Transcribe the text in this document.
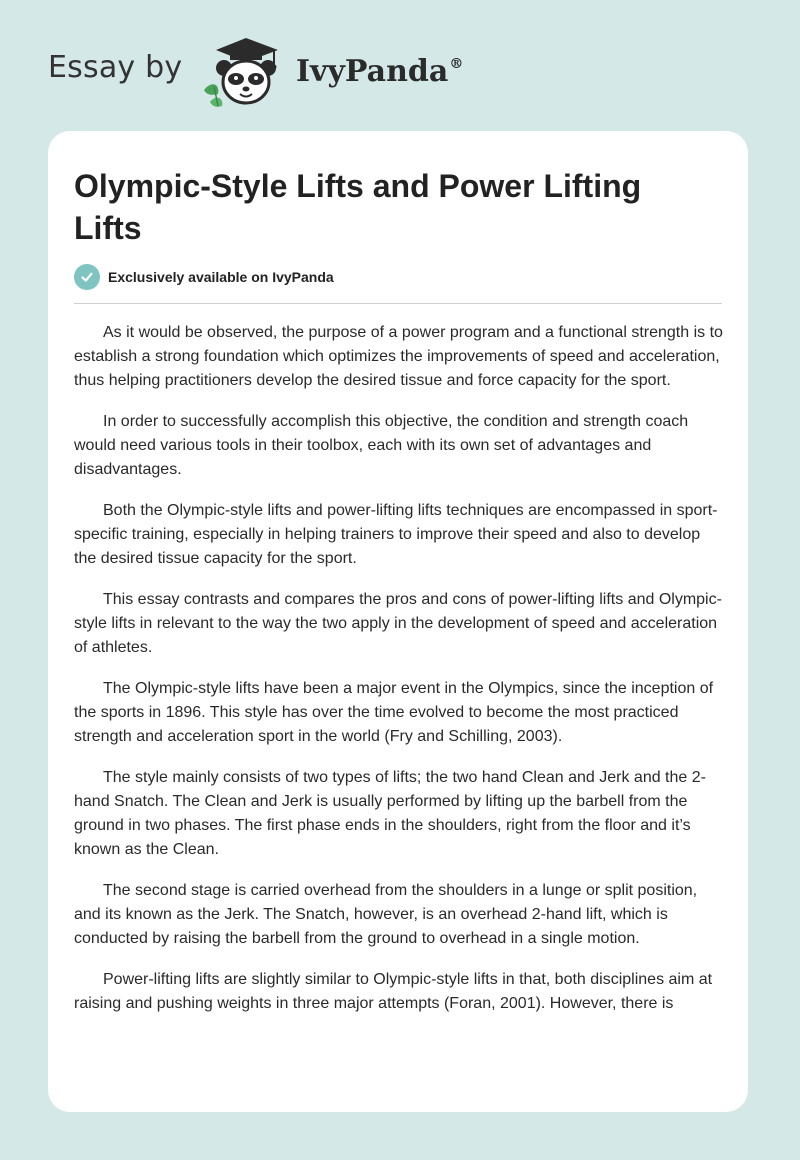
Essay by	IvyPanda®
Olympic-Style Lifts and Power Lifting Lifts
Exclusively available on IvyPanda

As it would be observed, the purpose of a power program and a functional strength is to establish a strong foundation which optimizes the improvements of speed and acceleration, thus helping practitioners develop the desired tissue and force capacity for the sport.

In order to successfully accomplish this objective, the condition and strength coach would need various tools in their toolbox, each with its own set of advantages and disadvantages.

Both the Olympic-style lifts and power-lifting lifts techniques are encompassed in sport-specific training, especially in helping trainers to improve their speed and also to develop the desired tissue capacity for the sport.

This essay contrasts and compares the pros and cons of power-lifting lifts and Olympic-style lifts in relevant to the way the two apply in the development of speed and acceleration of athletes.

The Olympic-style lifts have been a major event in the Olympics, since the inception of the sports in 1896. This style has over the time evolved to become the most practiced strength and acceleration sport in the world (Fry and Schilling, 2003).

The style mainly consists of two types of lifts; the two hand Clean and Jerk and the 2-hand Snatch. The Clean and Jerk is usually performed by lifting up the barbell from the ground in two phases. The first phase ends in the shoulders, right from the floor and it’s known as the Clean.

The second stage is carried overhead from the shoulders in a lunge or split position, and its known as the Jerk. The Snatch, however, is an overhead 2-hand lift, which is conducted by raising the barbell from the ground to overhead in a single motion.

Power-lifting lifts are slightly similar to Olympic-style lifts in that, both disciplines aim at raising and pushing weights in three major attempts (Foran, 2001). However, there is
